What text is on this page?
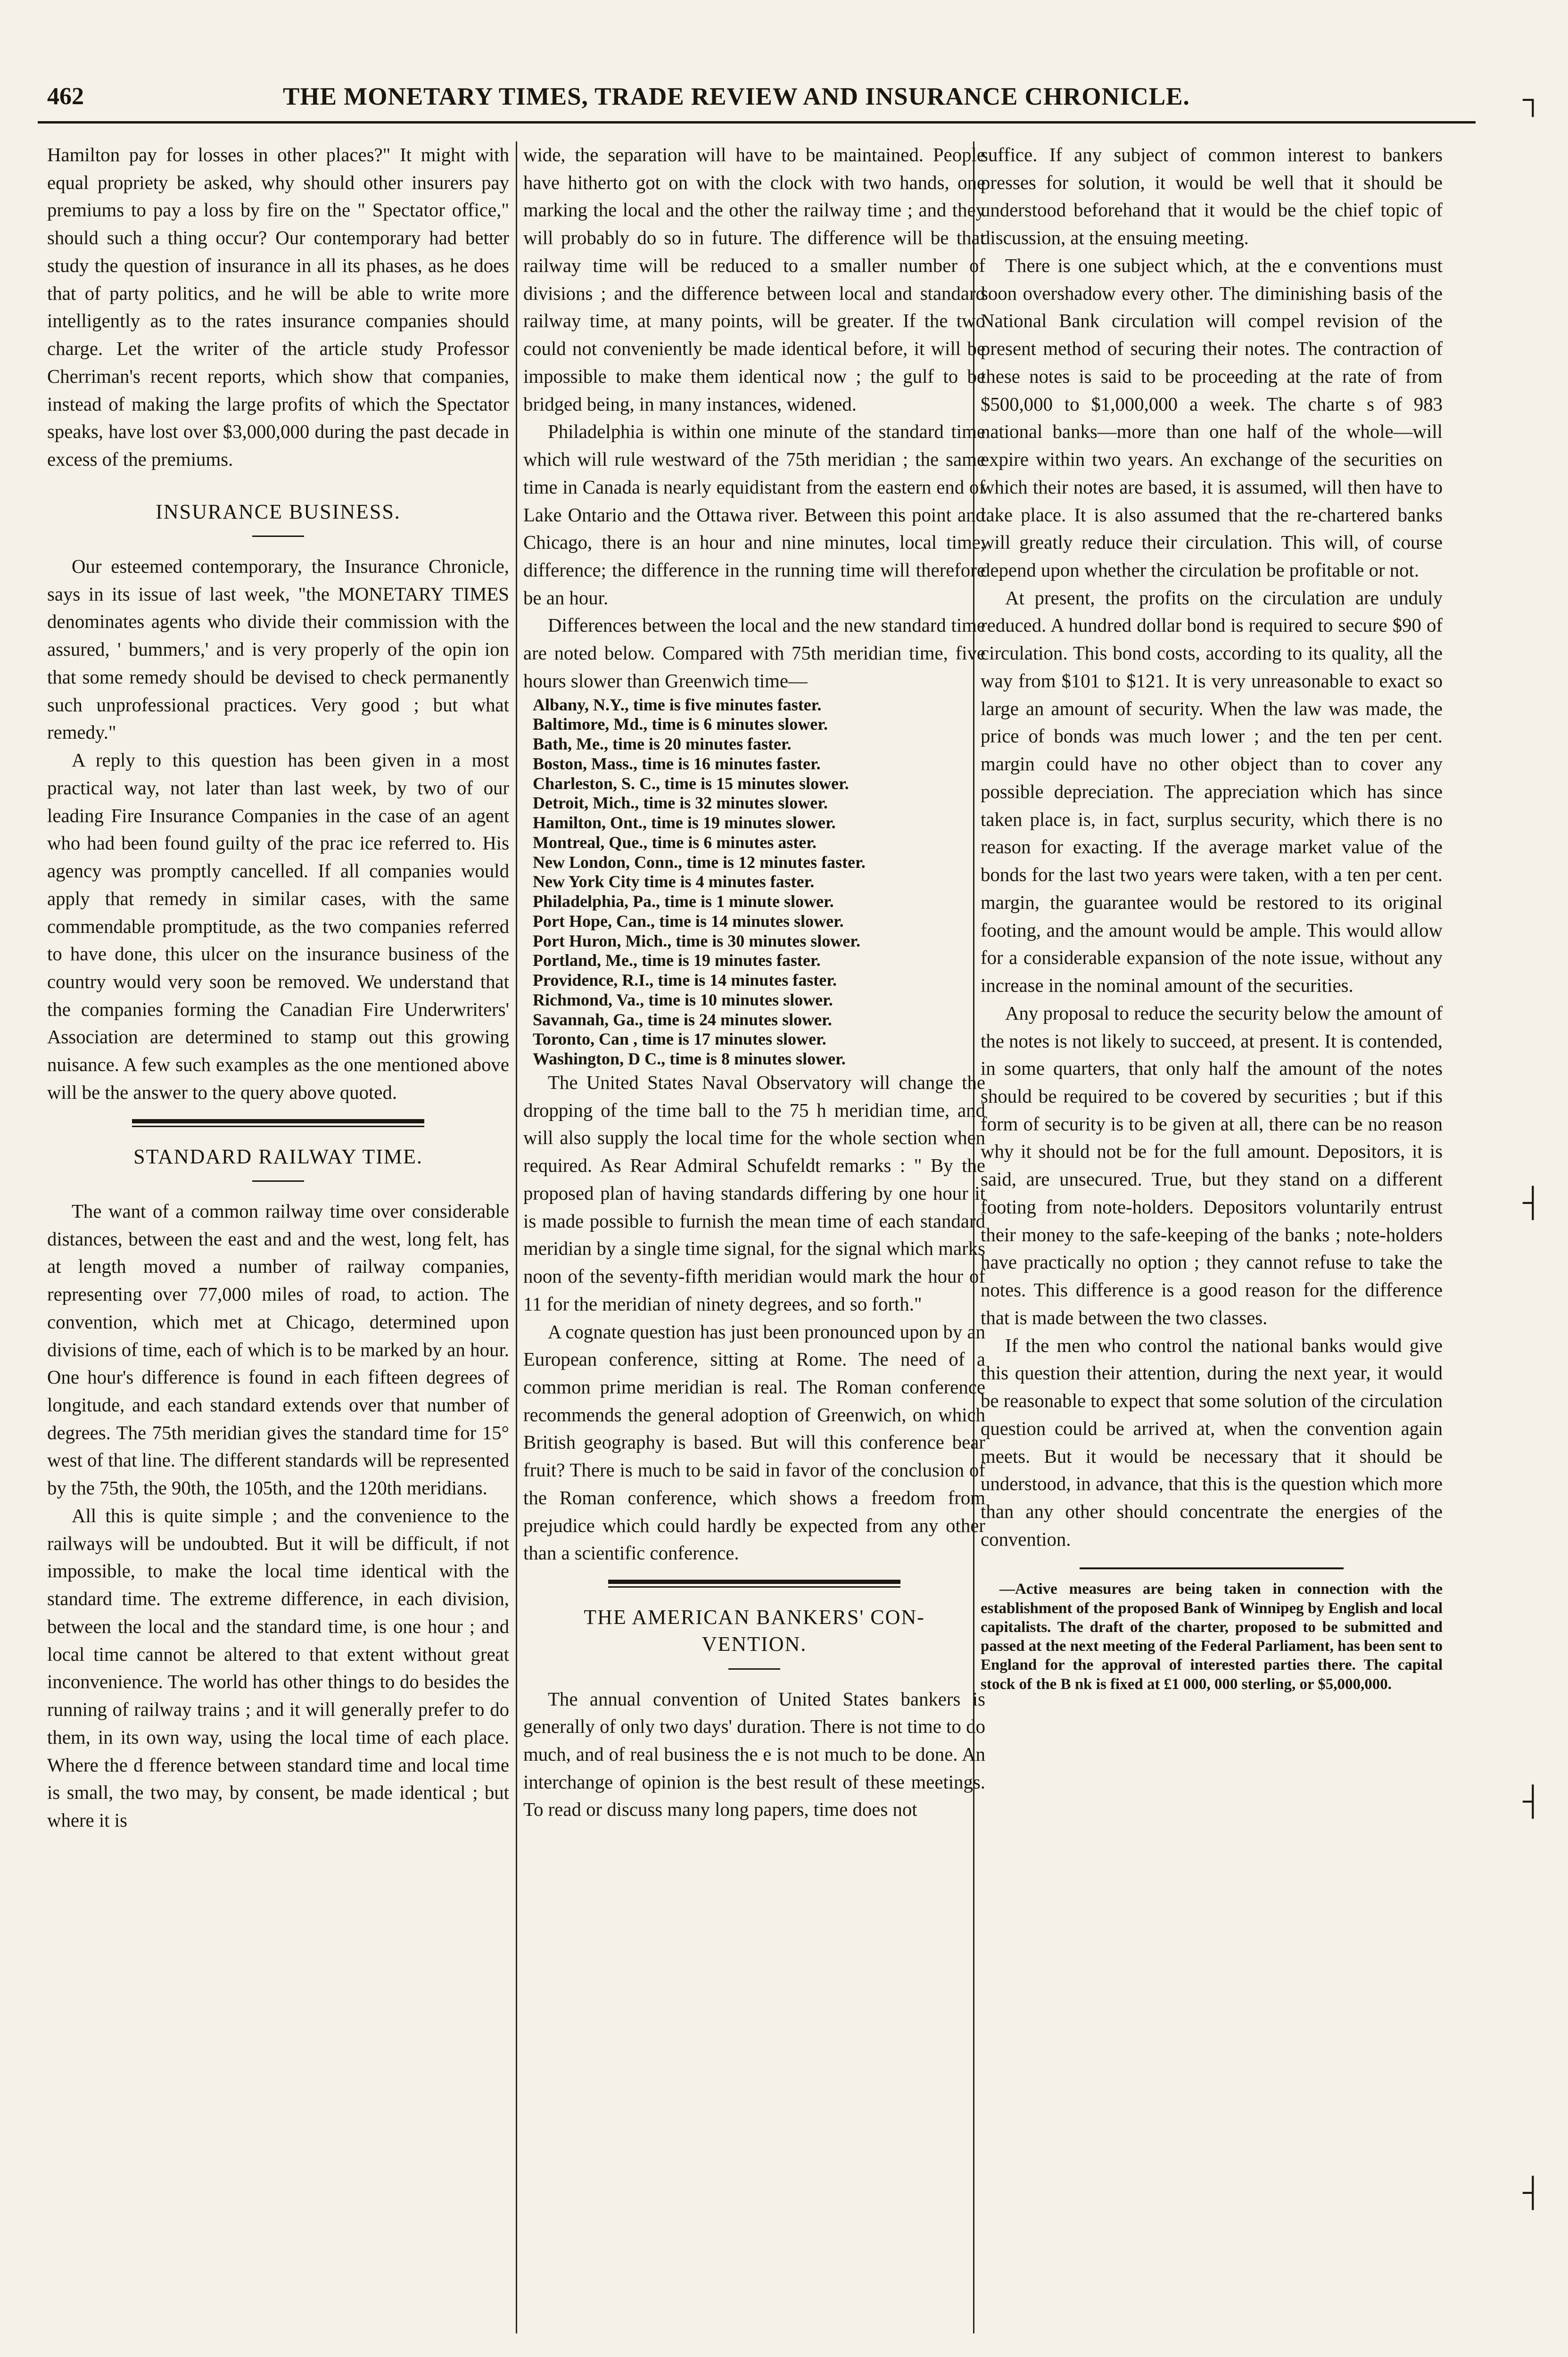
462	THE MONETARY TIMES, TRADE REVIEW AND INSURANCE CHRONICLE.

Hamilton pay for losses in other places?" It might with equal propriety be asked, why should other insurers pay premiums to pay a loss by fire on the " Spectator office," should such a thing occur? Our contemporary had better study the question of insurance in all its phases, as he does that of party politics, and he will be able to write more intelligently as to the rates insurance companies should charge. Let the writer of the article study Professor Cherriman's recent reports, which show that companies, instead of making the large profits of which the Spectator speaks, have lost over $3,000,000 during the past decade in excess of the premiums.

INSURANCE BUSINESS.

Our esteemed contemporary, the Insurance Chronicle, says in its issue of last week, "the MONETARY TIMES denominates agents who divide their commission with the assured, ' bummers,' and is very properly of the opin ion that some remedy should be devised to check permanently such unprofessional practices. Very good ; but what remedy."

A reply to this question has been given in a most practical way, not later than last week, by two of our leading Fire Insurance Companies in the case of an agent who had been found guilty of the prac ice referred to. His agency was promptly cancelled. If all companies would apply that remedy in similar cases, with the same commendable promptitude, as the two companies referred to have done, this ulcer on the insurance business of the country would very soon be removed. We understand that the companies forming the Canadian Fire Underwriters' Association are determined to stamp out this growing nuisance. A few such examples as the one mentioned above will be the answer to the query above quoted.

STANDARD RAILWAY TIME.

The want of a common railway time over considerable distances, between the east and and the west, long felt, has at length moved a number of railway companies, representing over 77,000 miles of road, to action. The convention, which met at Chicago, determined upon divisions of time, each of which is to be marked by an hour. One hour's difference is found in each fifteen degrees of longitude, and each standard extends over that number of degrees. The 75th meridian gives the standard time for 15° west of that line. The different standards will be represented by the 75th, the 90th, the 105th, and the 120th meridians.

All this is quite simple ; and the convenience to the railways will be undoubted. But it will be difficult, if not impossible, to make the local time identical with the standard time. The extreme difference, in each division, between the local and the standard time, is one hour ; and local time cannot be altered to that extent without great inconvenience. The world has other things to do besides the running of railway trains ; and it will generally prefer to do them, in its own way, using the local time of each place. Where the d fference between standard time and local time is small, the two may, by consent, be made identical ; but where it is

wide, the separation will have to be maintained. People have hitherto got on with the clock with two hands, one marking the local and the other the railway time ; and they will probably do so in future. The difference will be that railway time will be reduced to a smaller number of divisions ; and the difference between local and standard railway time, at many points, will be greater. If the two could not conveniently be made identical before, it will be impossible to make them identical now ; the gulf to be bridged being, in many instances, widened.

Philadelphia is within one minute of the standard time which will rule westward of the 75th meridian ; the same time in Canada is nearly equidistant from the eastern end of Lake Ontario and the Ottawa river. Between this point and Chicago, there is an hour and nine minutes, local time, difference; the difference in the running time will therefore be an hour.

Differences between the local and the new standard time are noted below. Compared with 75th meridian time, five hours slower than Greenwich time—

Albany, N.Y., time is five minutes faster.
Baltimore, Md., time is 6 minutes slower.
Bath, Me., time is 20 minutes faster.
Boston, Mass., time is 16 minutes faster.
Charleston, S. C., time is 15 minutes slower.
Detroit, Mich., time is 32 minutes slower.
Hamilton, Ont., time is 19 minutes slower.
Montreal, Que., time is 6 minutes aster.
New London, Conn., time is 12 minutes faster.
New York City time is 4 minutes faster.
Philadelphia, Pa., time is 1 minute slower.
Port Hope, Can., time is 14 minutes slower.
Port Huron, Mich., time is 30 minutes slower.
Portland, Me., time is 19 minutes faster.
Providence, R.I., time is 14 minutes faster.
Richmond, Va., time is 10 minutes slower.
Savannah, Ga., time is 24 minutes slower.
Toronto, Can , time is 17 minutes slower.
Washington, D C., time is 8 minutes slower.

The United States Naval Observatory will change the dropping of the time ball to the 75 h meridian time, and will also supply the local time for the whole section when required. As Rear Admiral Schufeldt remarks : " By the proposed plan of having standards differing by one hour it is made possible to furnish the mean time of each standard meridian by a single time signal, for the signal which marks noon of the seventy-fifth meridian would mark the hour of 11 for the meridian of ninety degrees, and so forth."

A cognate question has just been pronounced upon by an European conference, sitting at Rome. The need of a common prime meridian is real. The Roman conference recommends the general adoption of Greenwich, on which British geography is based. But will this conference bear fruit? There is much to be said in favor of the conclusion of the Roman conference, which shows a freedom from prejudice which could hardly be expected from any other than a scientific conference.

THE AMERICAN BANKERS' CON-
VENTION.

The annual convention of United States bankers is generally of only two days' duration. There is not time to do much, and of real business the e is not much to be done. An interchange of opinion is the best result of these meetings. To read or discuss many long papers, time does not

suffice. If any subject of common interest to bankers presses for solution, it would be well that it should be understood beforehand that it would be the chief topic of discussion, at the ensuing meeting.

There is one subject which, at the e conventions must soon overshadow every other. The diminishing basis of the National Bank circulation will compel revision of the present method of securing their notes. The contraction of these notes is said to be proceeding at the rate of from $500,000 to $1,000,000 a week. The charte s of 983 national banks—more than one half of the whole—will expire within two years. An exchange of the securities on which their notes are based, it is assumed, will then have to take place. It is also assumed that the re-chartered banks will greatly reduce their circulation. This will, of course depend upon whether the circulation be profitable or not.

At present, the profits on the circulation are unduly reduced. A hundred dollar bond is required to secure $90 of circulation. This bond costs, according to its quality, all the way from $101 to $121. It is very unreasonable to exact so large an amount of security. When the law was made, the price of bonds was much lower ; and the ten per cent. margin could have no other object than to cover any possible depreciation. The appreciation which has since taken place is, in fact, surplus security, which there is no reason for exacting. If the average market value of the bonds for the last two years were taken, with a ten per cent. margin, the guarantee would be restored to its original footing, and the amount would be ample. This would allow for a considerable expansion of the note issue, without any increase in the nominal amount of the securities.

Any proposal to reduce the security below the amount of the notes is not likely to succeed, at present. It is contended, in some quarters, that only half the amount of the notes should be required to be covered by securities ; but if this form of security is to be given at all, there can be no reason why it should not be for the full amount. Depositors, it is said, are unsecured. True, but they stand on a different footing from note-holders. Depositors voluntarily entrust their money to the safe-keeping of the banks ; note-holders have practically no option ; they cannot refuse to take the notes. This difference is a good reason for the difference that is made between the two classes.

If the men who control the national banks would give this question their attention, during the next year, it would be reasonable to expect that some solution of the circulation question could be arrived at, when the convention again meets. But it would be necessary that it should be understood, in advance, that this is the question which more than any other should concentrate the energies of the convention.

—Active measures are being taken in connection with the establishment of the proposed Bank of Winnipeg by English and local capitalists. The draft of the charter, proposed to be submitted and passed at the next meeting of the Federal Parliament, has been sent to England for the approval of interested parties there. The capital stock of the B nk is fixed at £1 000, 000 sterling, or $5,000,000.

┐
┤
┤
┤
